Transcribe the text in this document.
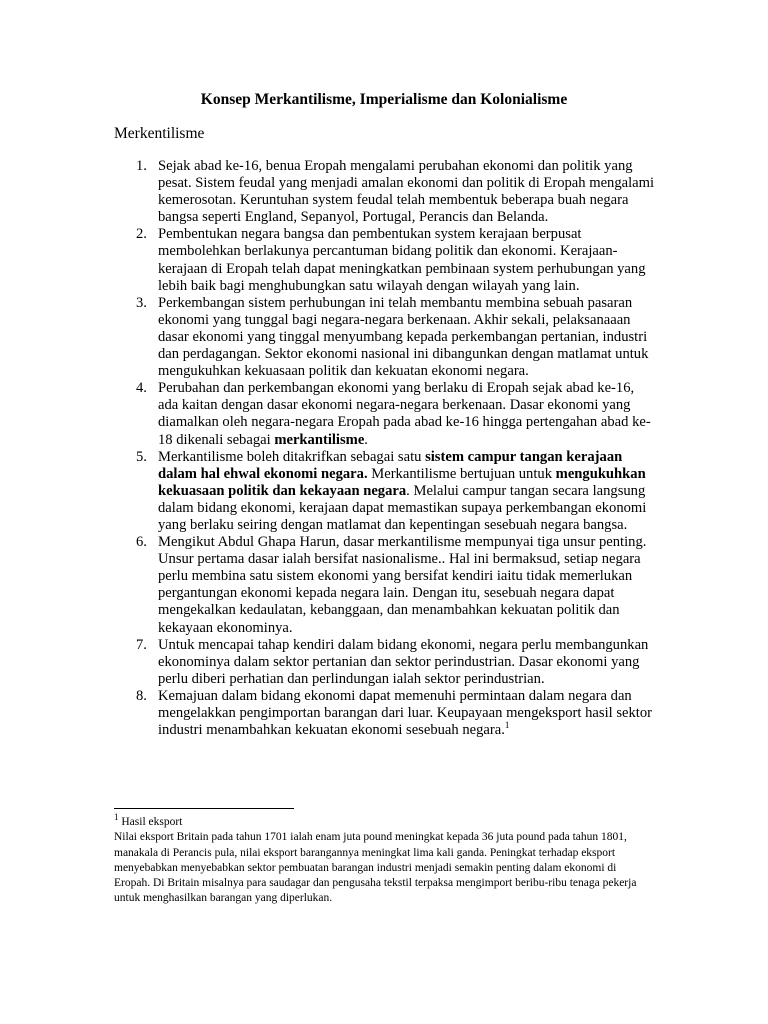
Konsep Merkantilisme, Imperialisme dan Kolonialisme
Merkentilisme
1. Sejak abad ke-16, benua Eropah mengalami perubahan ekonomi dan politik yang pesat. Sistem feudal yang menjadi amalan ekonomi dan politik di Eropah mengalami kemerosotan. Keruntuhan system feudal telah membentuk beberapa buah negara bangsa seperti England, Sepanyol, Portugal, Perancis dan Belanda.
2. Pembentukan negara bangsa dan pembentukan system kerajaan berpusat membolehkan berlakunya percantuman bidang politik dan ekonomi. Kerajaan-kerajaan di Eropah telah dapat meningkatkan pembinaan system perhubungan yang lebih baik bagi menghubungkan satu wilayah dengan wilayah yang lain.
3. Perkembangan sistem perhubungan ini telah membantu membina sebuah pasaran ekonomi yang tunggal bagi negara-negara berkenaan. Akhir sekali, pelaksanaaan dasar ekonomi yang tinggal menyumbang kepada perkembangan pertanian, industri dan perdagangan. Sektor ekonomi nasional ini dibangunkan dengan matlamat untuk mengukuhkan kekuasaan politik dan kekuatan ekonomi negara.
4. Perubahan dan perkembangan ekonomi yang berlaku di Eropah sejak abad ke-16, ada kaitan dengan dasar ekonomi negara-negara berkenaan. Dasar ekonomi yang diamalkan oleh negara-negara Eropah pada abad ke-16 hingga pertengahan abad ke-18 dikenali sebagai merkantilisme.
5. Merkantilisme boleh ditakrifkan sebagai satu sistem campur tangan kerajaan dalam hal ehwal ekonomi negara. Merkantilisme bertujuan untuk mengukuhkan kekuasaan politik dan kekayaan negara. Melalui campur tangan secara langsung dalam bidang ekonomi, kerajaan dapat memastikan supaya perkembangan ekonomi yang berlaku seiring dengan matlamat dan kepentingan sesebuah negara bangsa.
6. Mengikut Abdul Ghapa Harun, dasar merkantilisme mempunyai tiga unsur penting. Unsur pertama dasar ialah bersifat nasionalisme.. Hal ini bermaksud, setiap negara perlu membina satu sistem ekonomi yang bersifat kendiri iaitu tidak memerlukan pergantungan ekonomi kepada negara lain. Dengan itu, sesebuah negara dapat mengekalkan kedaulatan, kebanggaan, dan menambahkan kekuatan politik dan kekayaan ekonominya.
7. Untuk mencapai tahap kendiri dalam bidang ekonomi, negara perlu membangunkan ekonominya dalam sektor pertanian dan sektor perindustrian. Dasar ekonomi yang perlu diberi perhatian dan perlindungan ialah sektor perindustrian.
8. Kemajuan dalam bidang ekonomi dapat memenuhi permintaan dalam negara dan mengelakkan pengimportan barangan dari luar. Keupayaan mengeksport hasil sektor industri menambahkan kekuatan ekonomi sesebuah negara.$^1$
$^1$ Hasil eksport
Nilai eksport Britain pada tahun 1701 ialah enam juta pound meningkat kepada 36 juta pound pada tahun 1801, manakala di Perancis pula, nilai eksport barangannya meningkat lima kali ganda. Peningkat terhadap eksport menyebabkan menyebabkan sektor pembuatan barangan industri menjadi semakin penting dalam ekonomi di Eropah. Di Britain misalnya para saudagar dan pengusaha tekstil terpaksa mengimport beribu-ribu tenaga pekerja untuk menghasilkan barangan yang diperlukan.
